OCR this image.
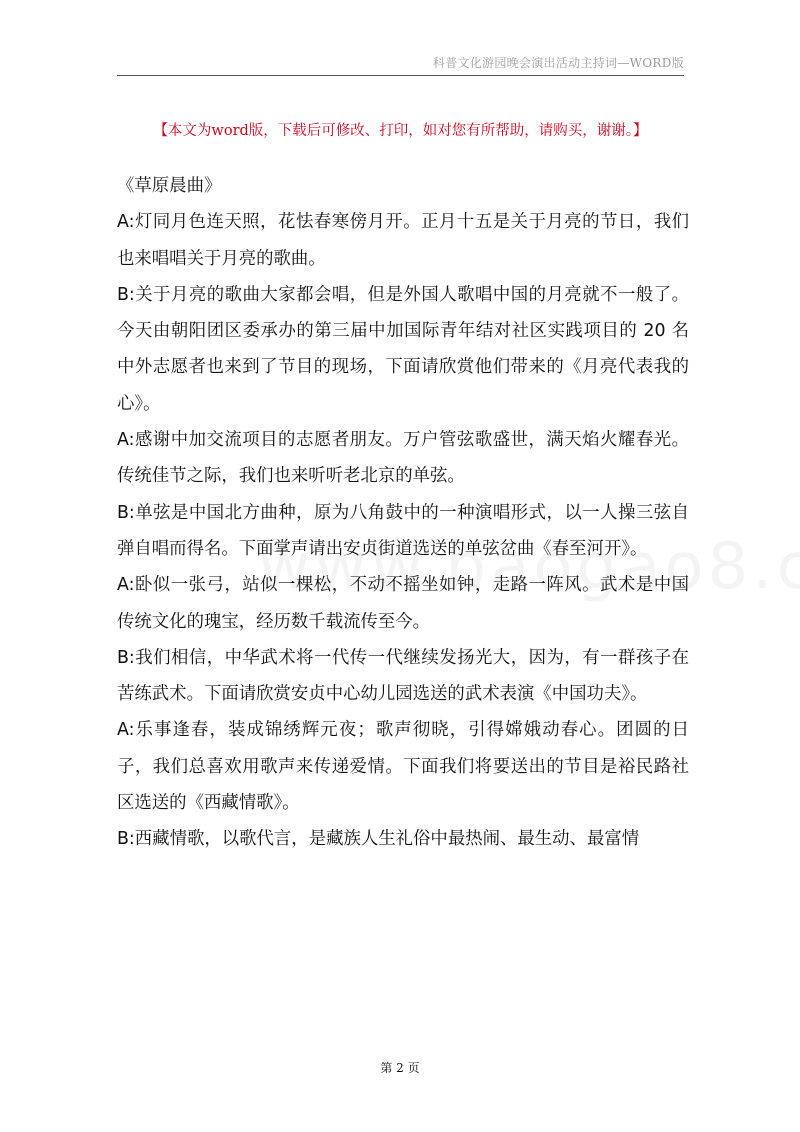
科普文化游园晚会演出活动主持词—WORD版
【本文为word版，下载后可修改、打印，如对您有所帮助，请购买，谢谢。】

《草原晨曲》

A:灯同月色连天照，花怯春寒傍月开。正月十五是关于月亮的节日，我们也来唱唱关于月亮的歌曲。

B:关于月亮的歌曲大家都会唱，但是外国人歌唱中国的月亮就不一般了。今天由朝阳团区委承办的第三届中加国际青年结对社区实践项目的 20 名中外志愿者也来到了节目的现场，下面请欣赏他们带来的《月亮代表我的心》。

A:感谢中加交流项目的志愿者朋友。万户管弦歌盛世，满天焰火耀春光。传统佳节之际，我们也来听听老北京的单弦。

B:单弦是中国北方曲种，原为八角鼓中的一种演唱形式，以一人操三弦自弹自唱而得名。下面掌声请出安贞街道选送的单弦岔曲《春至河开》。

A:卧似一张弓，站似一棵松，不动不摇坐如钟，走路一阵风。武术是中国传统文化的瑰宝，经历数千载流传至今。

B:我们相信，中华武术将一代传一代继续发扬光大，因为，有一群孩子在苦练武术。下面请欣赏安贞中心幼儿园选送的武术表演《中国功夫》。

A:乐事逢春，装成锦绣辉元夜；歌声彻晓，引得嫦娥动春心。团圆的日子，我们总喜欢用歌声来传递爱情。下面我们将要送出的节目是裕民路社区选送的《西藏情歌》。

B:西藏情歌，以歌代言，是藏族人生礼俗中最热闹、最生动、最富情

第 2 页
